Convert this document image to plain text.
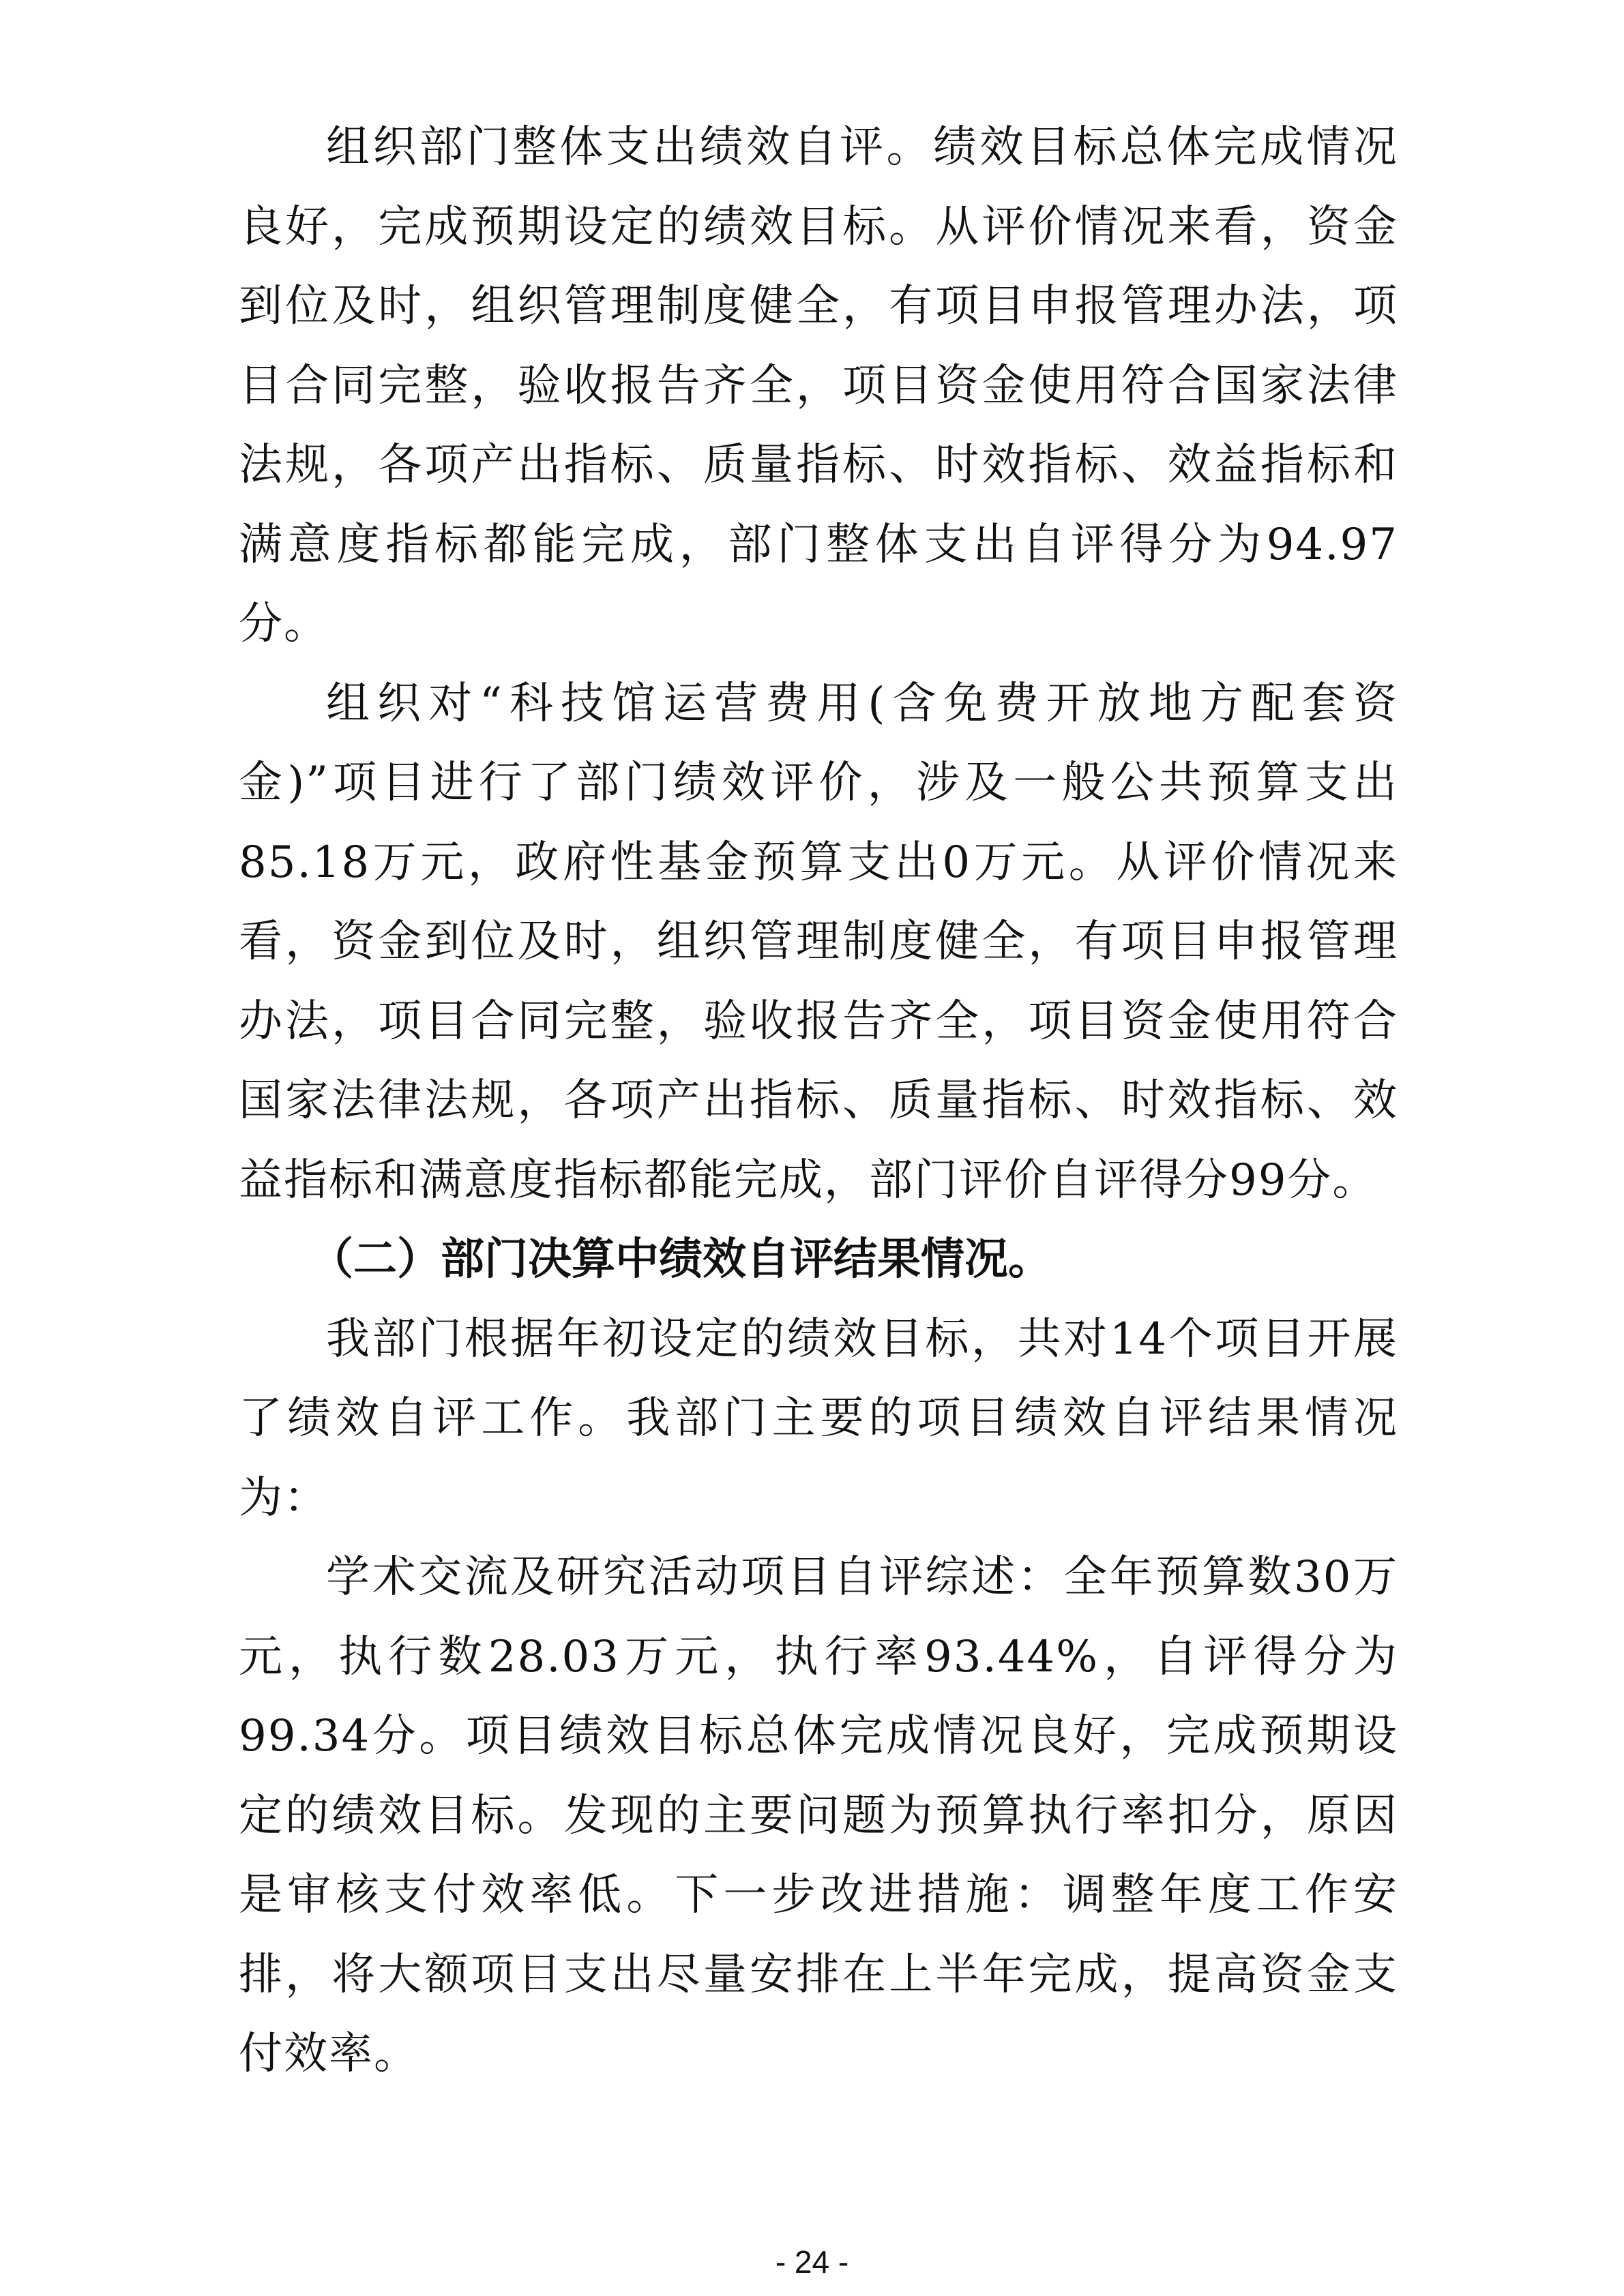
组织部门整体支出绩效自评。绩效目标总体完成情况良好，完成预期设定的绩效目标。从评价情况来看，资金到位及时，组织管理制度健全，有项目申报管理办法，项目合同完整，验收报告齐全，项目资金使用符合国家法律法规，各项产出指标、质量指标、时效指标、效益指标和满意度指标都能完成，部门整体支出自评得分为94.97分。

组织对“科技馆运营费用(含免费开放地方配套资金)”项目进行了部门绩效评价，涉及一般公共预算支出85.18万元，政府性基金预算支出0万元。从评价情况来看，资金到位及时，组织管理制度健全，有项目申报管理办法，项目合同完整，验收报告齐全，项目资金使用符合国家法律法规，各项产出指标、质量指标、时效指标、效益指标和满意度指标都能完成，部门评价自评得分99分。

（二）部门决算中绩效自评结果情况。

我部门根据年初设定的绩效目标，共对14个项目开展了绩效自评工作。我部门主要的项目绩效自评结果情况为：

学术交流及研究活动项目自评综述：全年预算数30万元，执行数28.03万元，执行率93.44%，自评得分为99.34分。项目绩效目标总体完成情况良好，完成预期设定的绩效目标。发现的主要问题为预算执行率扣分，原因是审核支付效率低。下一步改进措施：调整年度工作安排，将大额项目支出尽量安排在上半年完成，提高资金支付效率。

- 24 -
